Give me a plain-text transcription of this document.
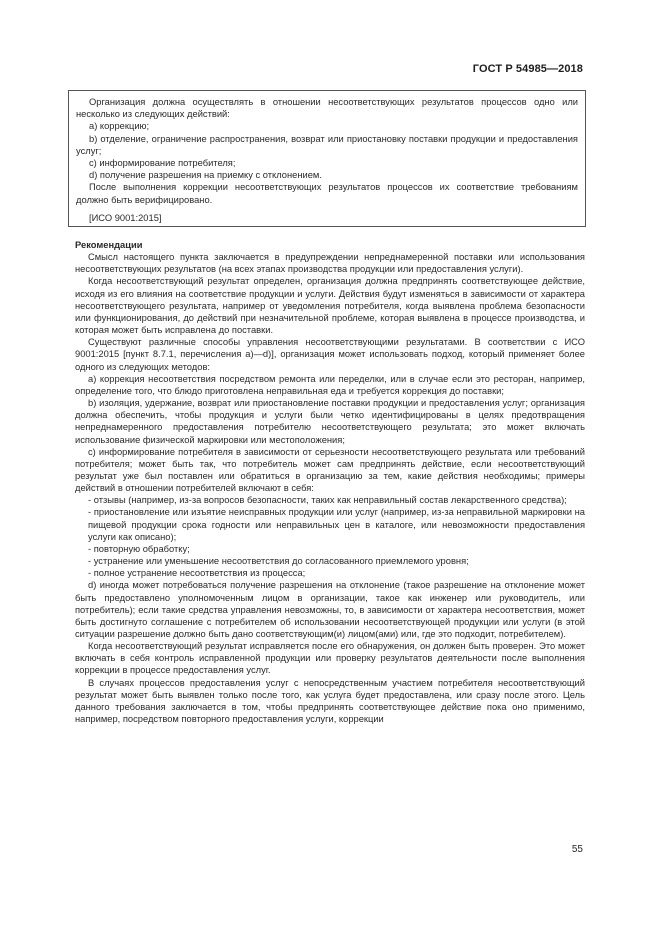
ГОСТ Р 54985—2018

Организация должна осуществлять в отношении несоответствующих результатов процессов одно или несколько из следующих действий:

a) коррекцию;

b) отделение, ограничение распространения, возврат или приостановку поставки продукции и предоставления услуг;

c) информирование потребителя;

d) получение разрешения на приемку с отклонением.

После выполнения коррекции несоответствующих результатов процессов их соответствие требованиям должно быть верифицировано.

[ИСО 9001:2015]

Рекомендации

Смысл настоящего пункта заключается в предупреждении непреднамеренной поставки или использования несоответствующих результатов (на всех этапах производства продукции или предоставления услуги).

Когда несоответствующий результат определен, организация должна предпринять соответствующее действие, исходя из его влияния на соответствие продукции и услуги. Действия будут изменяться в зависимости от характера несоответствующего результата, например от уведомления потребителя, когда выявлена проблема безопасности или функционирования, до действий при незначительной проблеме, которая выявлена в процессе производства, и которая может быть исправлена до поставки.

Существуют различные способы управления несоответствующими результатами. В соответствии с ИСО 9001:2015 [пункт 8.7.1, перечисления а)—d)], организация может использовать подход, который применяет более одного из следующих методов:

a) коррекция несоответствия посредством ремонта или переделки, или в случае если это ресторан, например, определение того, что блюдо приготовлена неправильная еда и требуется коррекция до поставки;

b) изоляция, удержание, возврат или приостановление поставки продукции и предоставления услуг; организация должна обеспечить, чтобы продукция и услуги были четко идентифицированы в целях предотвращения непреднамеренного предоставления потребителю несоответствующего результата; это может включать использование физической маркировки или местоположения;

c) информирование потребителя в зависимости от серьезности несоответствующего результата или требований потребителя; может быть так, что потребитель может сам предпринять действие, если несоответствующий результат уже был поставлен или обратиться в организацию за тем, какие действия необходимы; примеры действий в отношении потребителей включают в себя:

- отзывы (например, из-за вопросов безопасности, таких как неправильный состав лекарственного средства);

- приостановление или изъятие неисправных продукции или услуг (например, из-за неправильной маркировки на пищевой продукции срока годности или неправильных цен в каталоге, или невозможности предоставления услуги как описано);

- повторную обработку;

- устранение или уменьшение несоответствия до согласованного приемлемого уровня;

- полное устранение несоответствия из процесса;

d) иногда может потребоваться получение разрешения на отклонение (такое разрешение на отклонение может быть предоставлено уполномоченным лицом в организации, такое как инженер или руководитель, или потребитель); если такие средства управления невозможны, то, в зависимости от характера несоответствия, может быть достигнуто соглашение с потребителем об использовании несоответствующей продукции или услуги (в этой ситуации разрешение должно быть дано соответствующим(и) лицом(ами) или, где это подходит, потребителем).

Когда несоответствующий результат исправляется после его обнаружения, он должен быть проверен. Это может включать в себя контроль исправленной продукции или проверку результатов деятельности после выполнения коррекции в процессе предоставления услуг.

В случаях процессов предоставления услуг с непосредственным участием потребителя несоответствующий результат может быть выявлен только после того, как услуга будет предоставлена, или сразу после этого. Цель данного требования заключается в том, чтобы предпринять соответствующее действие пока оно применимо, например, посредством повторного предоставления услуги, коррекции

55
